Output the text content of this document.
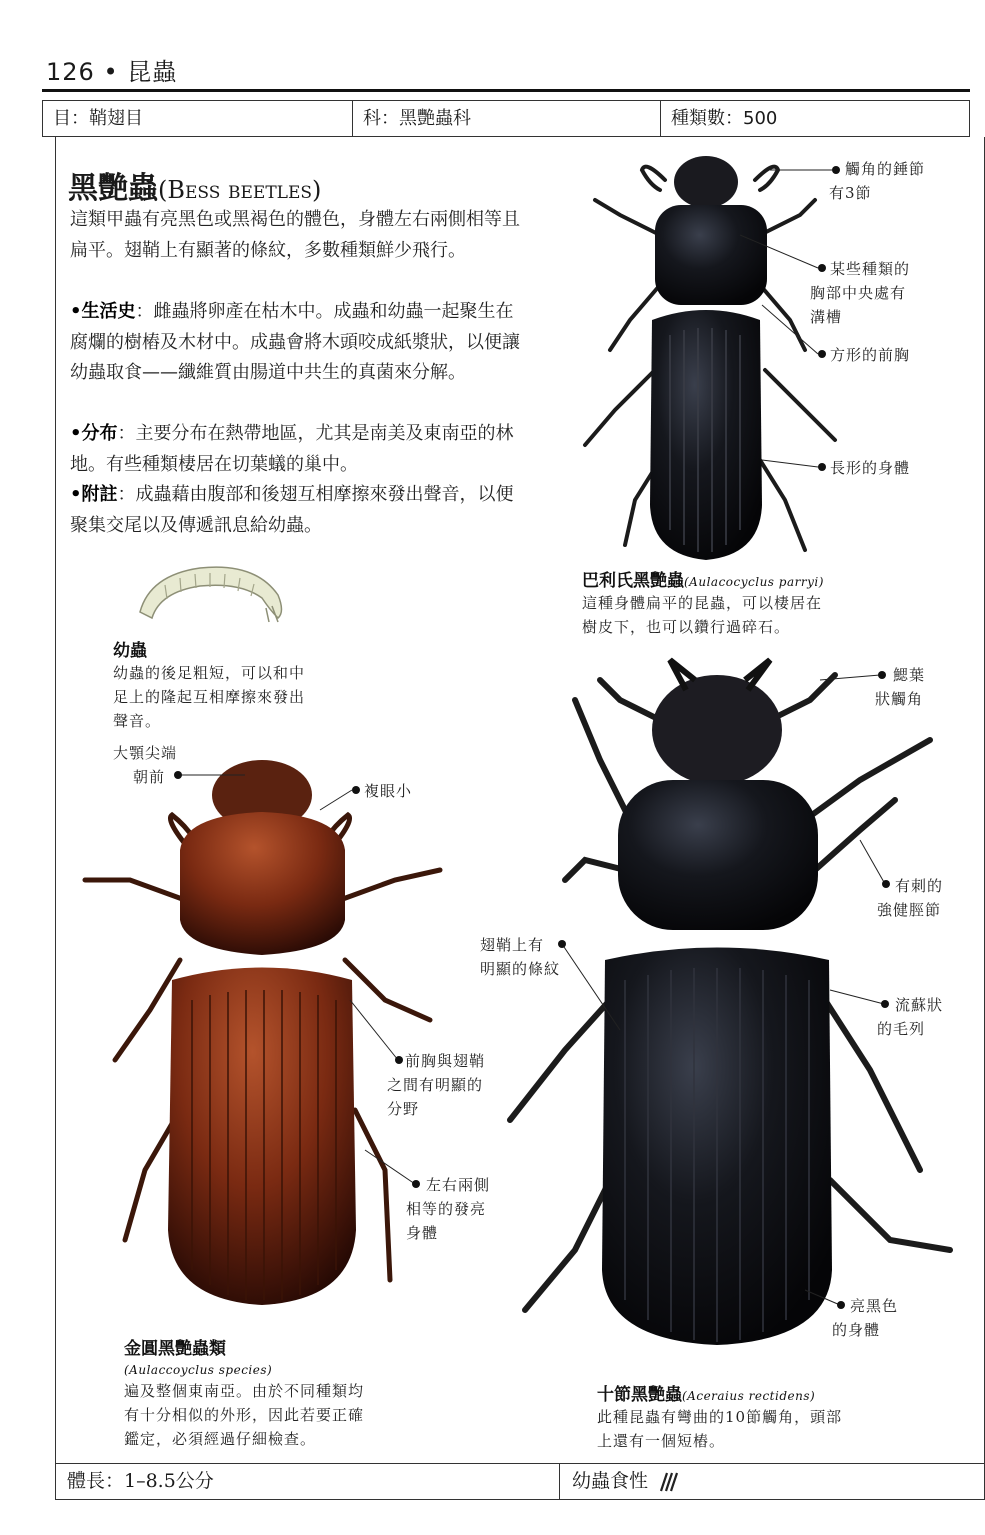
126 • 昆蟲
目：鞘翅目	科：黑艷蟲科	種類數：500
黑艷蟲(Bess beetles)
這類甲蟲有亮黑色或黑褐色的體色，身體左右兩側相等且扁平。翅鞘上有顯著的條紋，多數種類鮮少飛行。
•生活史：雌蟲將卵產在枯木中。成蟲和幼蟲一起聚生在腐爛的樹樁及木材中。成蟲會將木頭咬成紙漿狀，以便讓幼蟲取食——纖維質由腸道中共生的真菌來分解。
•分布：主要分布在熱帶地區，尤其是南美及東南亞的林地。有些種類棲居在切葉蟻的巢中。
•附註：成蟲藉由腹部和後翅互相摩擦來發出聲音，以便聚集交尾以及傳遞訊息給幼蟲。
觸角的錘節
有3節
某些種類的
胸部中央處有
溝槽
方形的前胸
長形的身體
巴利氏黑艷蟲(Aulacocyclus parryi)
這種身體扁平的昆蟲，可以棲居在
樹皮下，也可以鑽行過碎石。
幼蟲
幼蟲的後足粗短，可以和中
足上的隆起互相摩擦來發出
聲音。
大顎尖端
朝前
複眼小
前胸與翅鞘
之間有明顯的
分野
左右兩側
相等的發亮
身體
金圓黑艷蟲類
(Aulaccoyclus species)
遍及整個東南亞。由於不同種類均
有十分相似的外形，因此若要正確
鑑定，必須經過仔細檢查。
鰓葉
狀觸角
有刺的
強健脛節
翅鞘上有
明顯的條紋
流蘇狀
的毛列
亮黑色
的身體
十節黑艷蟲(Aceraius rectidens)
此種昆蟲有彎曲的10節觸角，頭部
上還有一個短樁。
體長：1–8.5公分	幼蟲食性
